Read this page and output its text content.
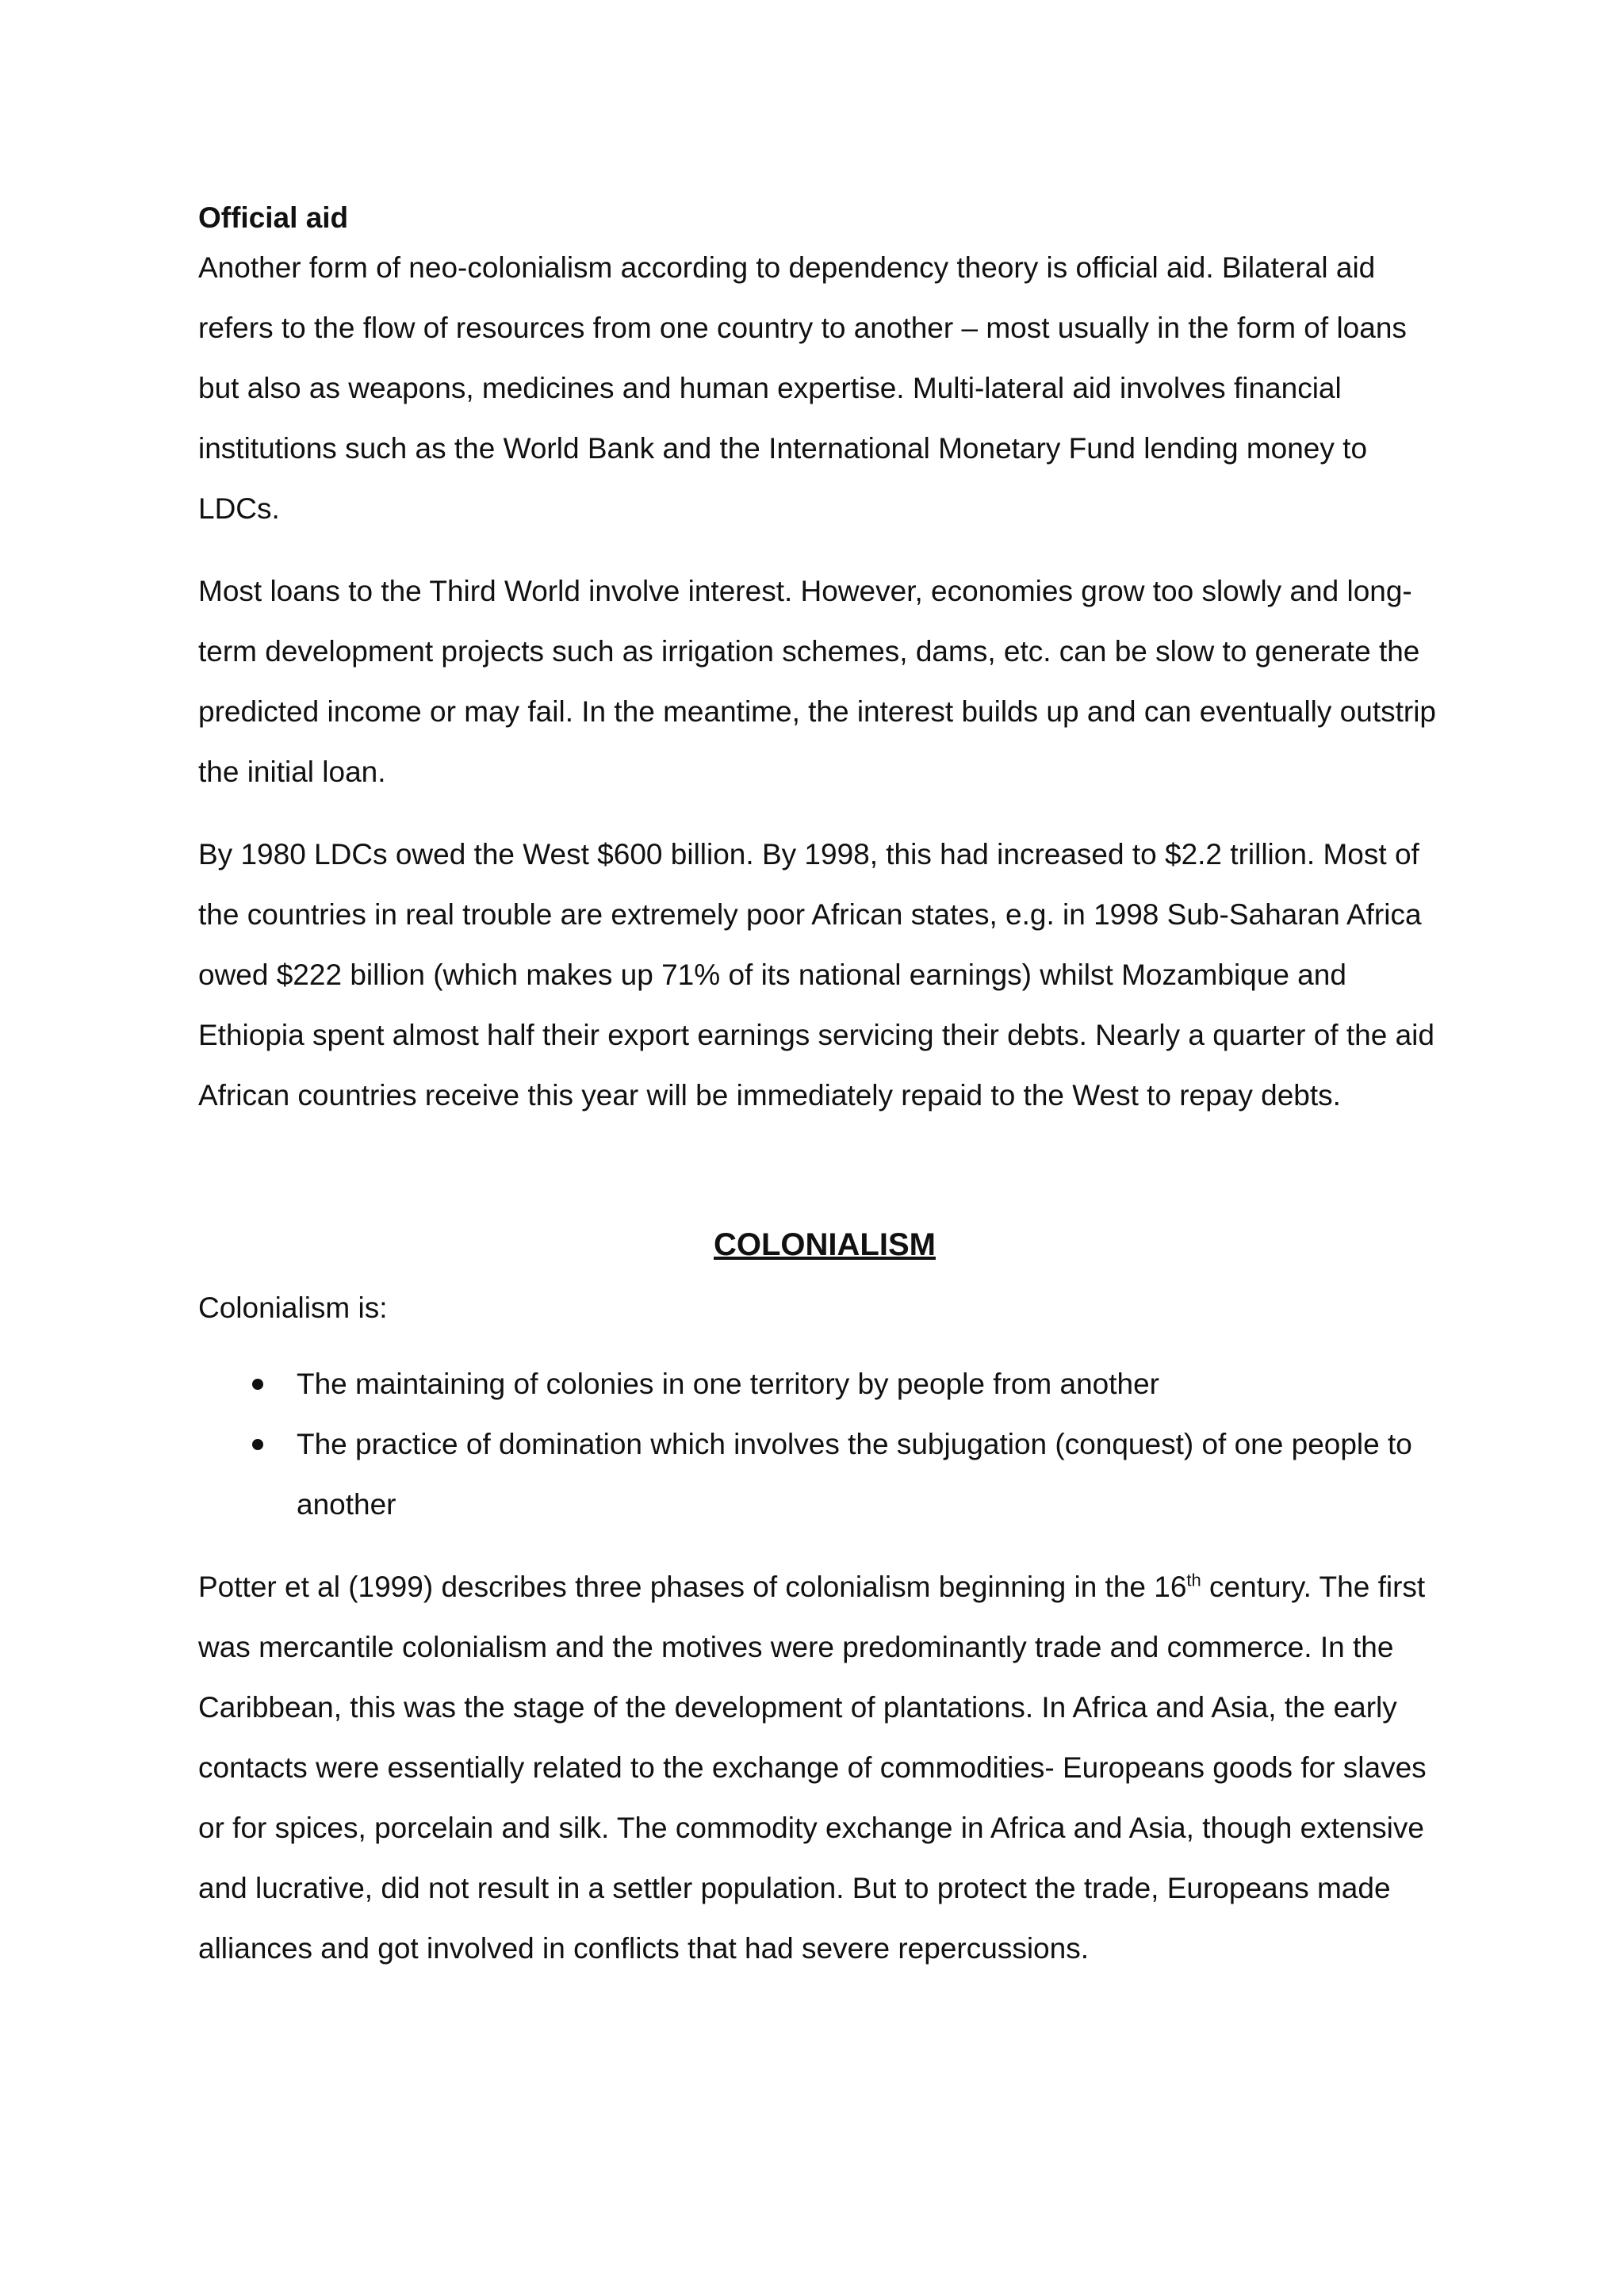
Official aid

Another form of neo-colonialism according to dependency theory is official aid. Bilateral aid refers to the flow of resources from one country to another – most usually in the form of loans but also as weapons, medicines and human expertise. Multi-lateral aid involves financial institutions such as the World Bank and the International Monetary Fund lending money to LDCs.

Most loans to the Third World involve interest. However, economies grow too slowly and long-term development projects such as irrigation schemes, dams, etc. can be slow to generate the predicted income or may fail. In the meantime, the interest builds up and can eventually outstrip the initial loan.

By 1980 LDCs owed the West $600 billion. By 1998, this had increased to $2.2 trillion. Most of the countries in real trouble are extremely poor African states, e.g. in 1998 Sub-Saharan Africa owed $222 billion (which makes up 71% of its national earnings) whilst Mozambique and Ethiopia spent almost half their export earnings servicing their debts. Nearly a quarter of the aid African countries receive this year will be immediately repaid to the West to repay debts.

COLONIALISM

Colonialism is:

The maintaining of colonies in one territory by people from another
The practice of domination which involves the subjugation (conquest) of one people to another

Potter et al (1999) describes three phases of colonialism beginning in the 16th century. The first was mercantile colonialism and the motives were predominantly trade and commerce. In the Caribbean, this was the stage of the development of plantations. In Africa and Asia, the early contacts were essentially related to the exchange of commodities- Europeans goods for slaves or for spices, porcelain and silk. The commodity exchange in Africa and Asia, though extensive and lucrative, did not result in a settler population. But to protect the trade, Europeans made alliances and got involved in conflicts that had severe repercussions.
